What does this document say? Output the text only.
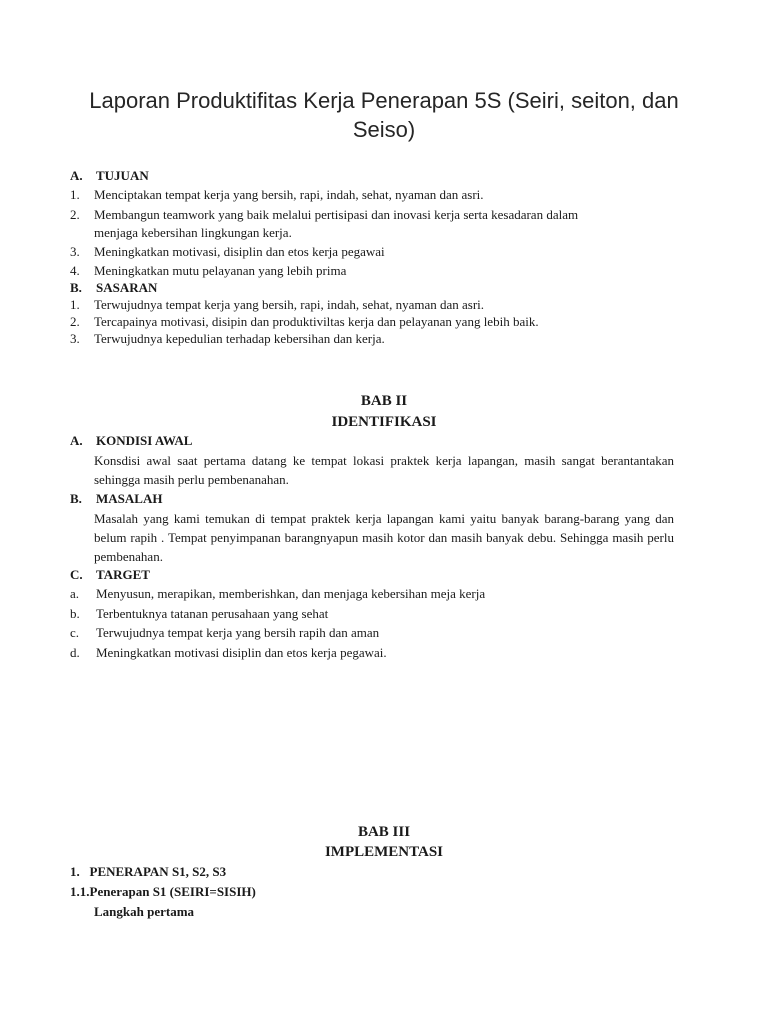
Laporan Produktifitas Kerja Penerapan 5S (Seiri, seiton, dan Seiso)
A. TUJUAN
1. Menciptakan tempat kerja yang bersih, rapi, indah, sehat, nyaman dan asri.
2. Membangun teamwork yang baik melalui pertisipasi dan inovasi kerja serta kesadaran dalam
menjaga kebersihan lingkungan kerja.
3. Meningkatkan motivasi, disiplin dan etos kerja pegawai
4. Meningkatkan mutu pelayanan yang lebih prima
B. SASARAN
1. Terwujudnya tempat kerja yang bersih, rapi, indah, sehat, nyaman dan asri.
2. Tercapainya motivasi, disipin dan produktiviltas kerja dan pelayanan yang lebih baik.
3. Terwujudnya kepedulian terhadap kebersihan dan kerja.
BAB II
IDENTIFIKASI
A. KONDISI AWAL
Konsdisi awal saat pertama datang ke tempat lokasi praktek kerja lapangan, masih sangat berantantakan sehingga masih perlu pembenanahan.
B. MASALAH
Masalah yang kami temukan di tempat praktek kerja lapangan kami yaitu banyak barang-barang yang dan belum rapih . Tempat penyimpanan barangnyapun masih kotor dan masih banyak debu. Sehingga masih perlu pembenahan.
C. TARGET
a. Menyusun, merapikan, memberishkan, dan menjaga kebersihan meja kerja
b. Terbentuknya tatanan perusahaan yang sehat
c. Terwujudnya tempat kerja yang bersih rapih dan aman
d. Meningkatkan motivasi disiplin dan etos kerja pegawai.
BAB III
IMPLEMENTASI
1.   PENERAPAN S1, S2, S3
1.1.Penerapan S1 (SEIRI=SISIH)
Langkah pertama
